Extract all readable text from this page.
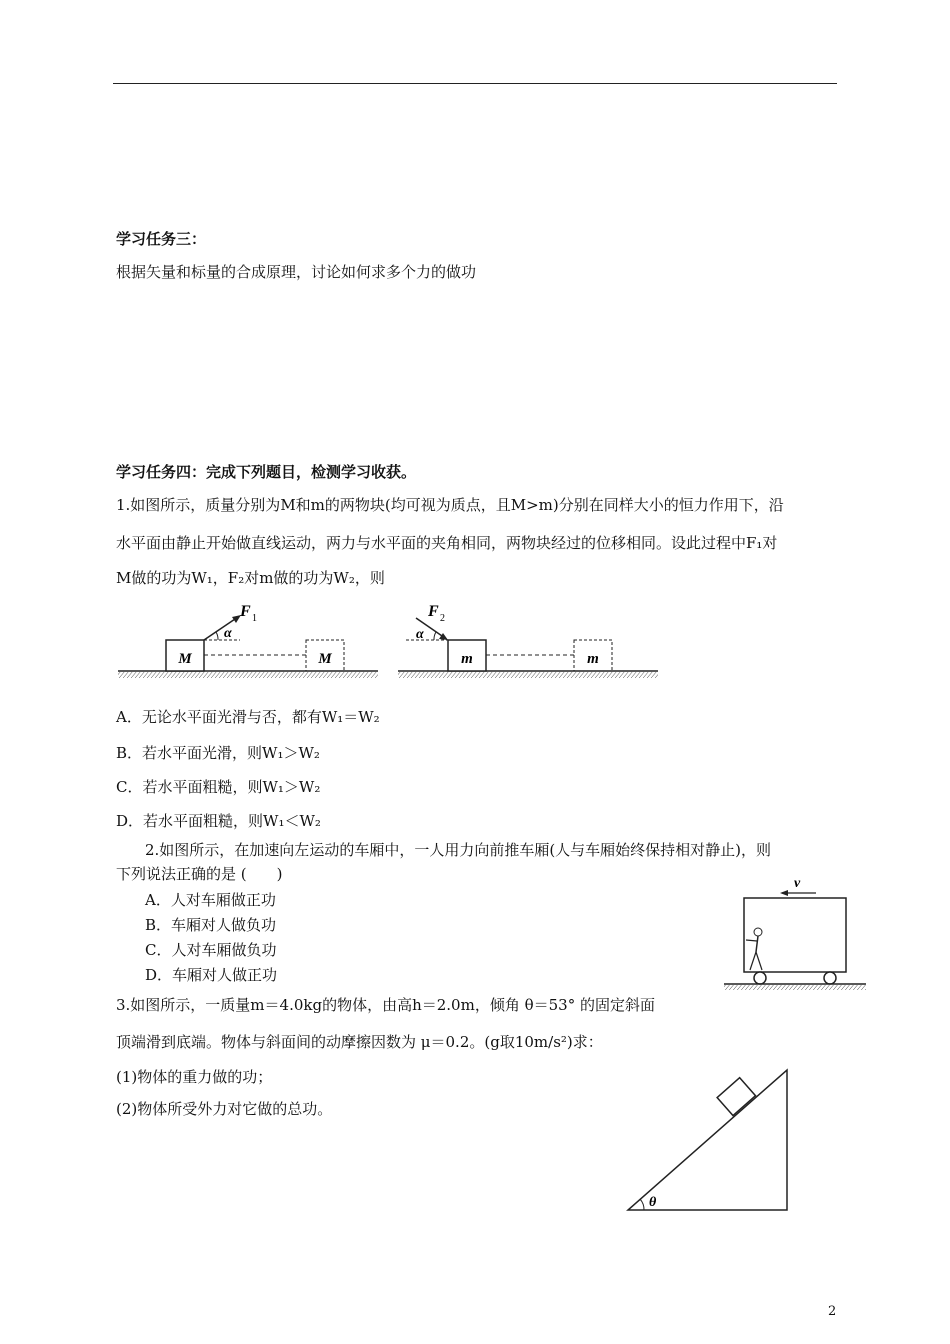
学习任务三：
根据矢量和标量的合成原理，讨论如何求多个力的做功
学习任务四：完成下列题目，检测学习收获。
1.如图所示，质量分别为M和m的两物块(均可视为质点，且M>m)分别在同样大小的恒力作用下，沿
水平面由静止开始做直线运动，两力与水平面的夹角相同，两物块经过的位移相同。设此过程中F₁对
M做的功为W₁，F₂对m做的功为W₂，则
M	M
α
F 1
m	m
α
F 2
A．无论水平面光滑与否，都有W₁＝W₂
B．若水平面光滑，则W₁＞W₂
C．若水平面粗糙，则W₁＞W₂
D．若水平面粗糙，则W₁＜W₂
2.如图所示，在加速向左运动的车厢中，一人用力向前推车厢(人与车厢始终保持相对静止)，则
下列说法正确的是 (　　)
A．人对车厢做正功
B．车厢对人做负功
C．人对车厢做负功
D．车厢对人做正功
v
3.如图所示，一质量m＝4.0kg的物体，由高h＝2.0m，倾角 θ＝53° 的固定斜面
顶端滑到底端。物体与斜面间的动摩擦因数为 μ＝0.2。(g取10m/s²)求：
(1)物体的重力做的功；
(2)物体所受外力对它做的总功。
θ
2
